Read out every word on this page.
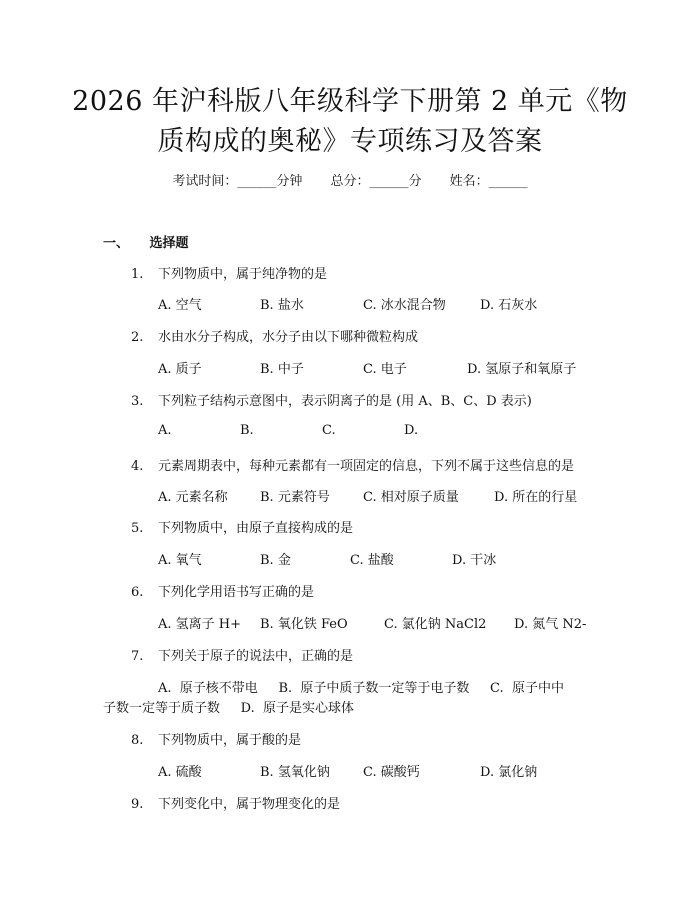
2026 年沪科版八年级科学下册第 2 单元《物
质构成的奥秘》专项练习及答案
考试时间：______分钟 总分：______分 姓名：______
一、 选择题
1. 下列物质中，属于纯净物的是
A. 空气	B. 盐水	C. 冰水混合物	D. 石灰水
2. 水由水分子构成，水分子由以下哪种微粒构成
A. 质子	B. 中子	C. 电子	D. 氢原子和氧原子
3. 下列粒子结构示意图中，表示阴离子的是 (用 A、B、C、D 表示)
A.	B.	C.	D.
4. 元素周期表中，每种元素都有一项固定的信息，下列不属于这些信息的是
A. 元素名称 B. 元素符号	C. 相对原子质量	D. 所在的行星
5. 下列物质中，由原子直接构成的是
A. 氧气	B. 金	C. 盐酸	D. 干冰
6. 下列化学用语书写正确的是
A. 氢离子 H+ B. 氧化铁 FeO	C. 氯化钠 NaCl2 D. 氮气 N2-
7. 下列关于原子的说法中，正确的是
A.  原子核不带电     B.  原子中质子数一定等于电子数     C.  原子中中
子数一定等于质子数     D.  原子是实心球体
8. 下列物质中，属于酸的是
A. 硫酸	B. 氢氧化钠	C. 碳酸钙	D. 氯化钠
9. 下列变化中，属于物理变化的是
